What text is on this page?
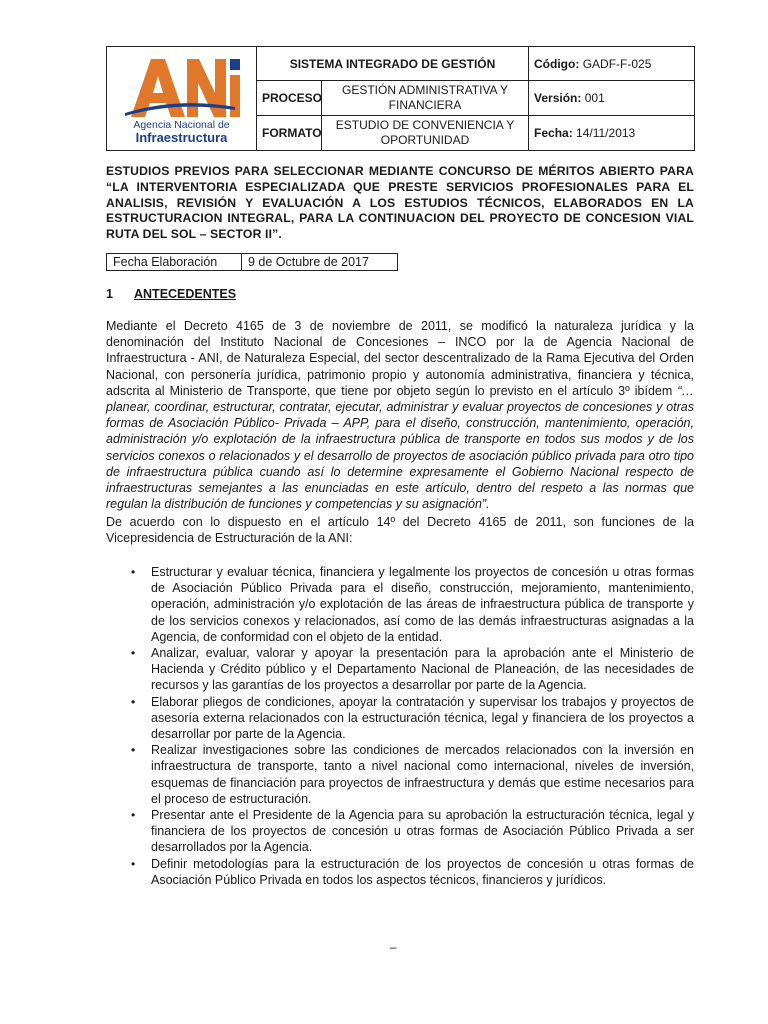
Agencia Nacional de
Infraestructura	SISTEMA INTEGRADO DE GESTIÓN		Código: GADF-F-025
	PROCESO	GESTIÓN ADMINISTRATIVA Y FINANCIERA	Versión: 001
	FORMATO	ESTUDIO DE CONVENIENCIA Y OPORTUNIDAD	Fecha: 14/11/2013

ESTUDIOS PREVIOS PARA SELECCIONAR MEDIANTE CONCURSO DE MÉRITOS ABIERTO PARA “LA INTERVENTORIA ESPECIALIZADA QUE PRESTE SERVICIOS PROFESIONALES PARA EL ANALISIS, REVISIÓN Y EVALUACIÓN A LOS ESTUDIOS TÉCNICOS, ELABORADOS EN LA ESTRUCTURACION INTEGRAL, PARA LA CONTINUACION DEL PROYECTO DE CONCESION VIAL RUTA DEL SOL – SECTOR II”.

Fecha Elaboración	9 de Octubre de 2017
1 ANTECEDENTES

Mediante el Decreto 4165 de 3 de noviembre de 2011, se modificó la naturaleza jurídica y la denominación del Instituto Nacional de Concesiones – INCO por la de Agencia Nacional de Infraestructura - ANI, de Naturaleza Especial, del sector descentralizado de la Rama Ejecutiva del Orden Nacional, con personería jurídica, patrimonio propio y autonomía administrativa, financiera y técnica, adscrita al Ministerio de Transporte, que tiene por objeto según lo previsto en el artículo 3º ibídem “… planear, coordinar, estructurar, contratar, ejecutar, administrar y evaluar proyectos de concesiones y otras formas de Asociación Público- Privada – APP, para el diseño, construcción, mantenimiento, operación, administración y/o explotación de la infraestructura pública de transporte en todos sus modos y de los servicios conexos o relacionados y el desarrollo de proyectos de asociación público privada para otro tipo de infraestructura pública cuando así lo determine expresamente el Gobierno Nacional respecto de infraestructuras semejantes a las enunciadas en este artículo, dentro del respeto a las normas que regulan la distribución de funciones y competencias y su asignación”.

De acuerdo con lo dispuesto en el artículo 14º del Decreto 4165 de 2011, son funciones de la Vicepresidencia de Estructuración de la ANI:

• Estructurar y evaluar técnica, financiera y legalmente los proyectos de concesión u otras formas de Asociación Público Privada para el diseño, construcción, mejoramiento, mantenimiento, operación, administración y/o explotación de las áreas de infraestructura pública de transporte y de los servicios conexos y relacionados, así como de las demás infraestructuras asignadas a la Agencia, de conformidad con el objeto de la entidad.
• Analizar, evaluar, valorar y apoyar la presentación para la aprobación ante el Ministerio de Hacienda y Crédito público y el Departamento Nacional de Planeación, de las necesidades de recursos y las garantías de los proyectos a desarrollar por parte de la Agencia.
• Elaborar pliegos de condiciones, apoyar la contratación y supervisar los trabajos y proyectos de asesoría externa relacionados con la estructuración técnica, legal y financiera de los proyectos a desarrollar por parte de la Agencia.
• Realizar investigaciones sobre las condiciones de mercados relacionados con la inversión en infraestructura de transporte, tanto a nivel nacional como internacional, niveles de inversión, esquemas de financiación para proyectos de infraestructura y demás que estime necesarios para el proceso de estructuración.
• Presentar ante el Presidente de la Agencia para su aprobación la estructuración técnica, legal y financiera de los proyectos de concesión u otras formas de Asociación Público Privada a ser desarrollados por la Agencia.
• Definir metodologías para la estructuración de los proyectos de concesión u otras formas de Asociación Público Privada en todos los aspectos técnicos, financieros y jurídicos.
–
